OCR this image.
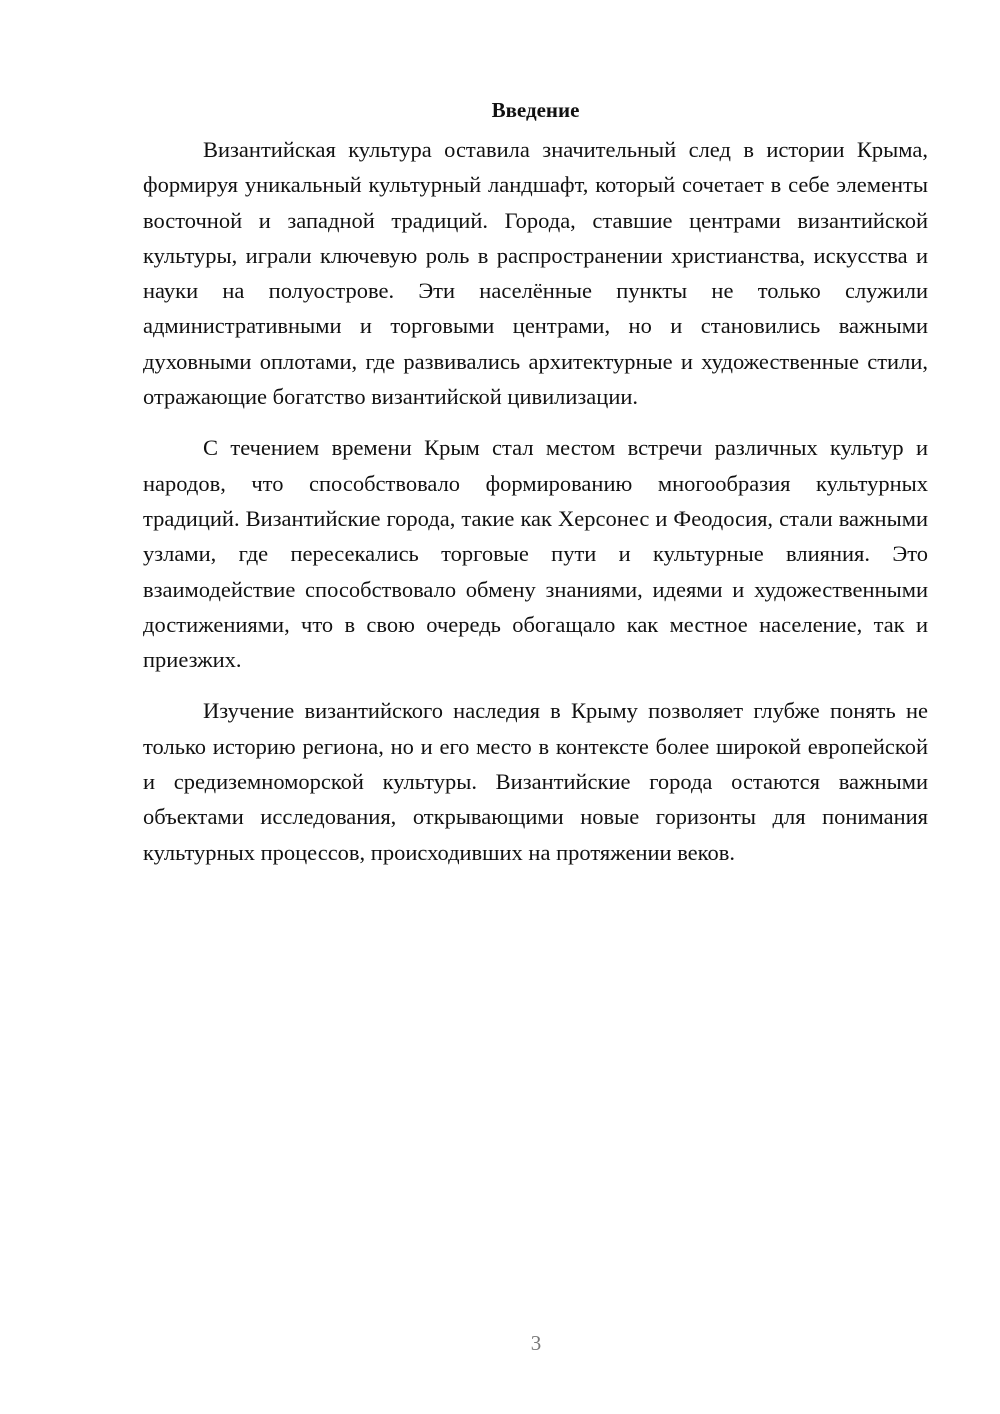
Введение

Византийская культура оставила значительный след в истории Крыма, формируя уникальный культурный ландшафт, который сочетает в себе элементы восточной и западной традиций. Города, ставшие центрами византийской культуры, играли ключевую роль в распространении христианства, искусства и науки на полуострове. Эти населённые пункты не только служили административными и торговыми центрами, но и становились важными духовными оплотами, где развивались архитектурные и художественные стили, отражающие богатство византийской цивилизации.

С течением времени Крым стал местом встречи различных культур и народов, что способствовало формированию многообразия культурных традиций. Византийские города, такие как Херсонес и Феодосия, стали важными узлами, где пересекались торговые пути и культурные влияния. Это взаимодействие способствовало обмену знаниями, идеями и художественными достижениями, что в свою очередь обогащало как местное население, так и приезжих.

Изучение византийского наследия в Крыму позволяет глубже понять не только историю региона, но и его место в контексте более широкой европейской и средиземноморской культуры. Византийские города остаются важными объектами исследования, открывающими новые горизонты для понимания культурных процессов, происходивших на протяжении веков.

3
